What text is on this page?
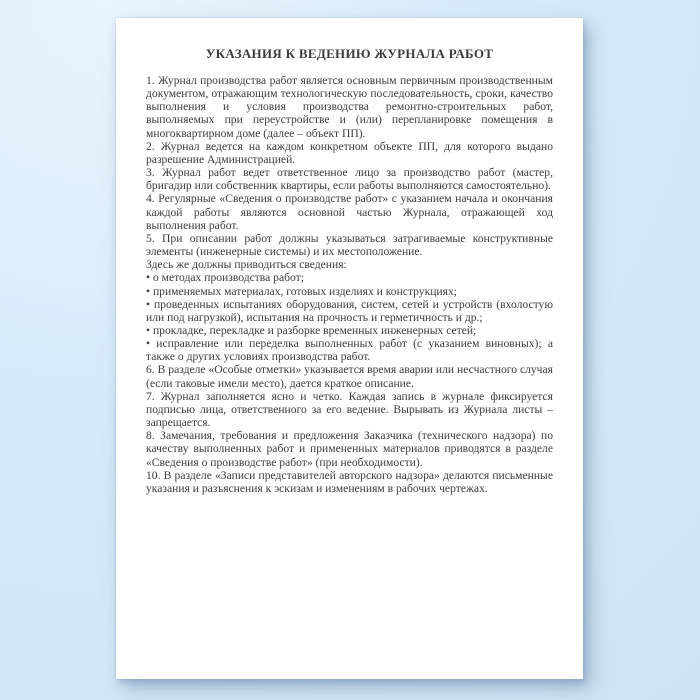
УКАЗАНИЯ К ВЕДЕНИЮ ЖУРНАЛА РАБОТ

1. Журнал производства работ является основным первичным производственным документом, отражающим технологическую последовательность, сроки, качество выполнения и условия производства ремонтно-строительных работ, выполняемых при переустройстве и (или) перепланировке помещения в многоквартирном доме (далее – объект ПП).

2. Журнал ведется на каждом конкретном объекте ПП, для которого выдано разрешение Администрацией.

3. Журнал работ ведет ответственное лицо за производство работ (мастер, бригадир или собственник квартиры, если работы выполняются самостоятельно).

4. Регулярные «Сведения о производстве работ» с указанием начала и окончания каждой работы являются основной частью Журнала, отражающей ход выполнения работ.

5. При описании работ должны указываться затрагиваемые конструктивные элементы (инженерные системы) и их местоположение.

Здесь же должны приводиться сведения:

• о методах производства работ;

• применяемых материалах, готовых изделиях и конструкциях;

• проведенных испытаниях оборудования, систем, сетей и устройств (вхолостую или под нагрузкой), испытания на прочность и герметичность и др.;

• прокладке, перекладке и разборке временных инженерных сетей;

• исправление или переделка выполненных работ (с указанием виновных); а также о других условиях производства работ.

6. В разделе «Особые отметки» указывается время аварии или несчастного случая (если таковые имели место), дается краткое описание.

7. Журнал заполняется ясно и четко. Каждая запись в журнале фиксируется подписью лица, ответственного за его ведение. Вырывать из Журнала листы – запрещается.

8. Замечания, требования и предложения Заказчика (технического надзора) по качеству выполненных работ и примененных материалов приводятся в разделе «Сведения о производстве работ» (при необходимости).

10. В разделе «Записи представителей авторского надзора» делаются письменные указания и разъяснения к эскизам и изменениям в рабочих чертежах.
